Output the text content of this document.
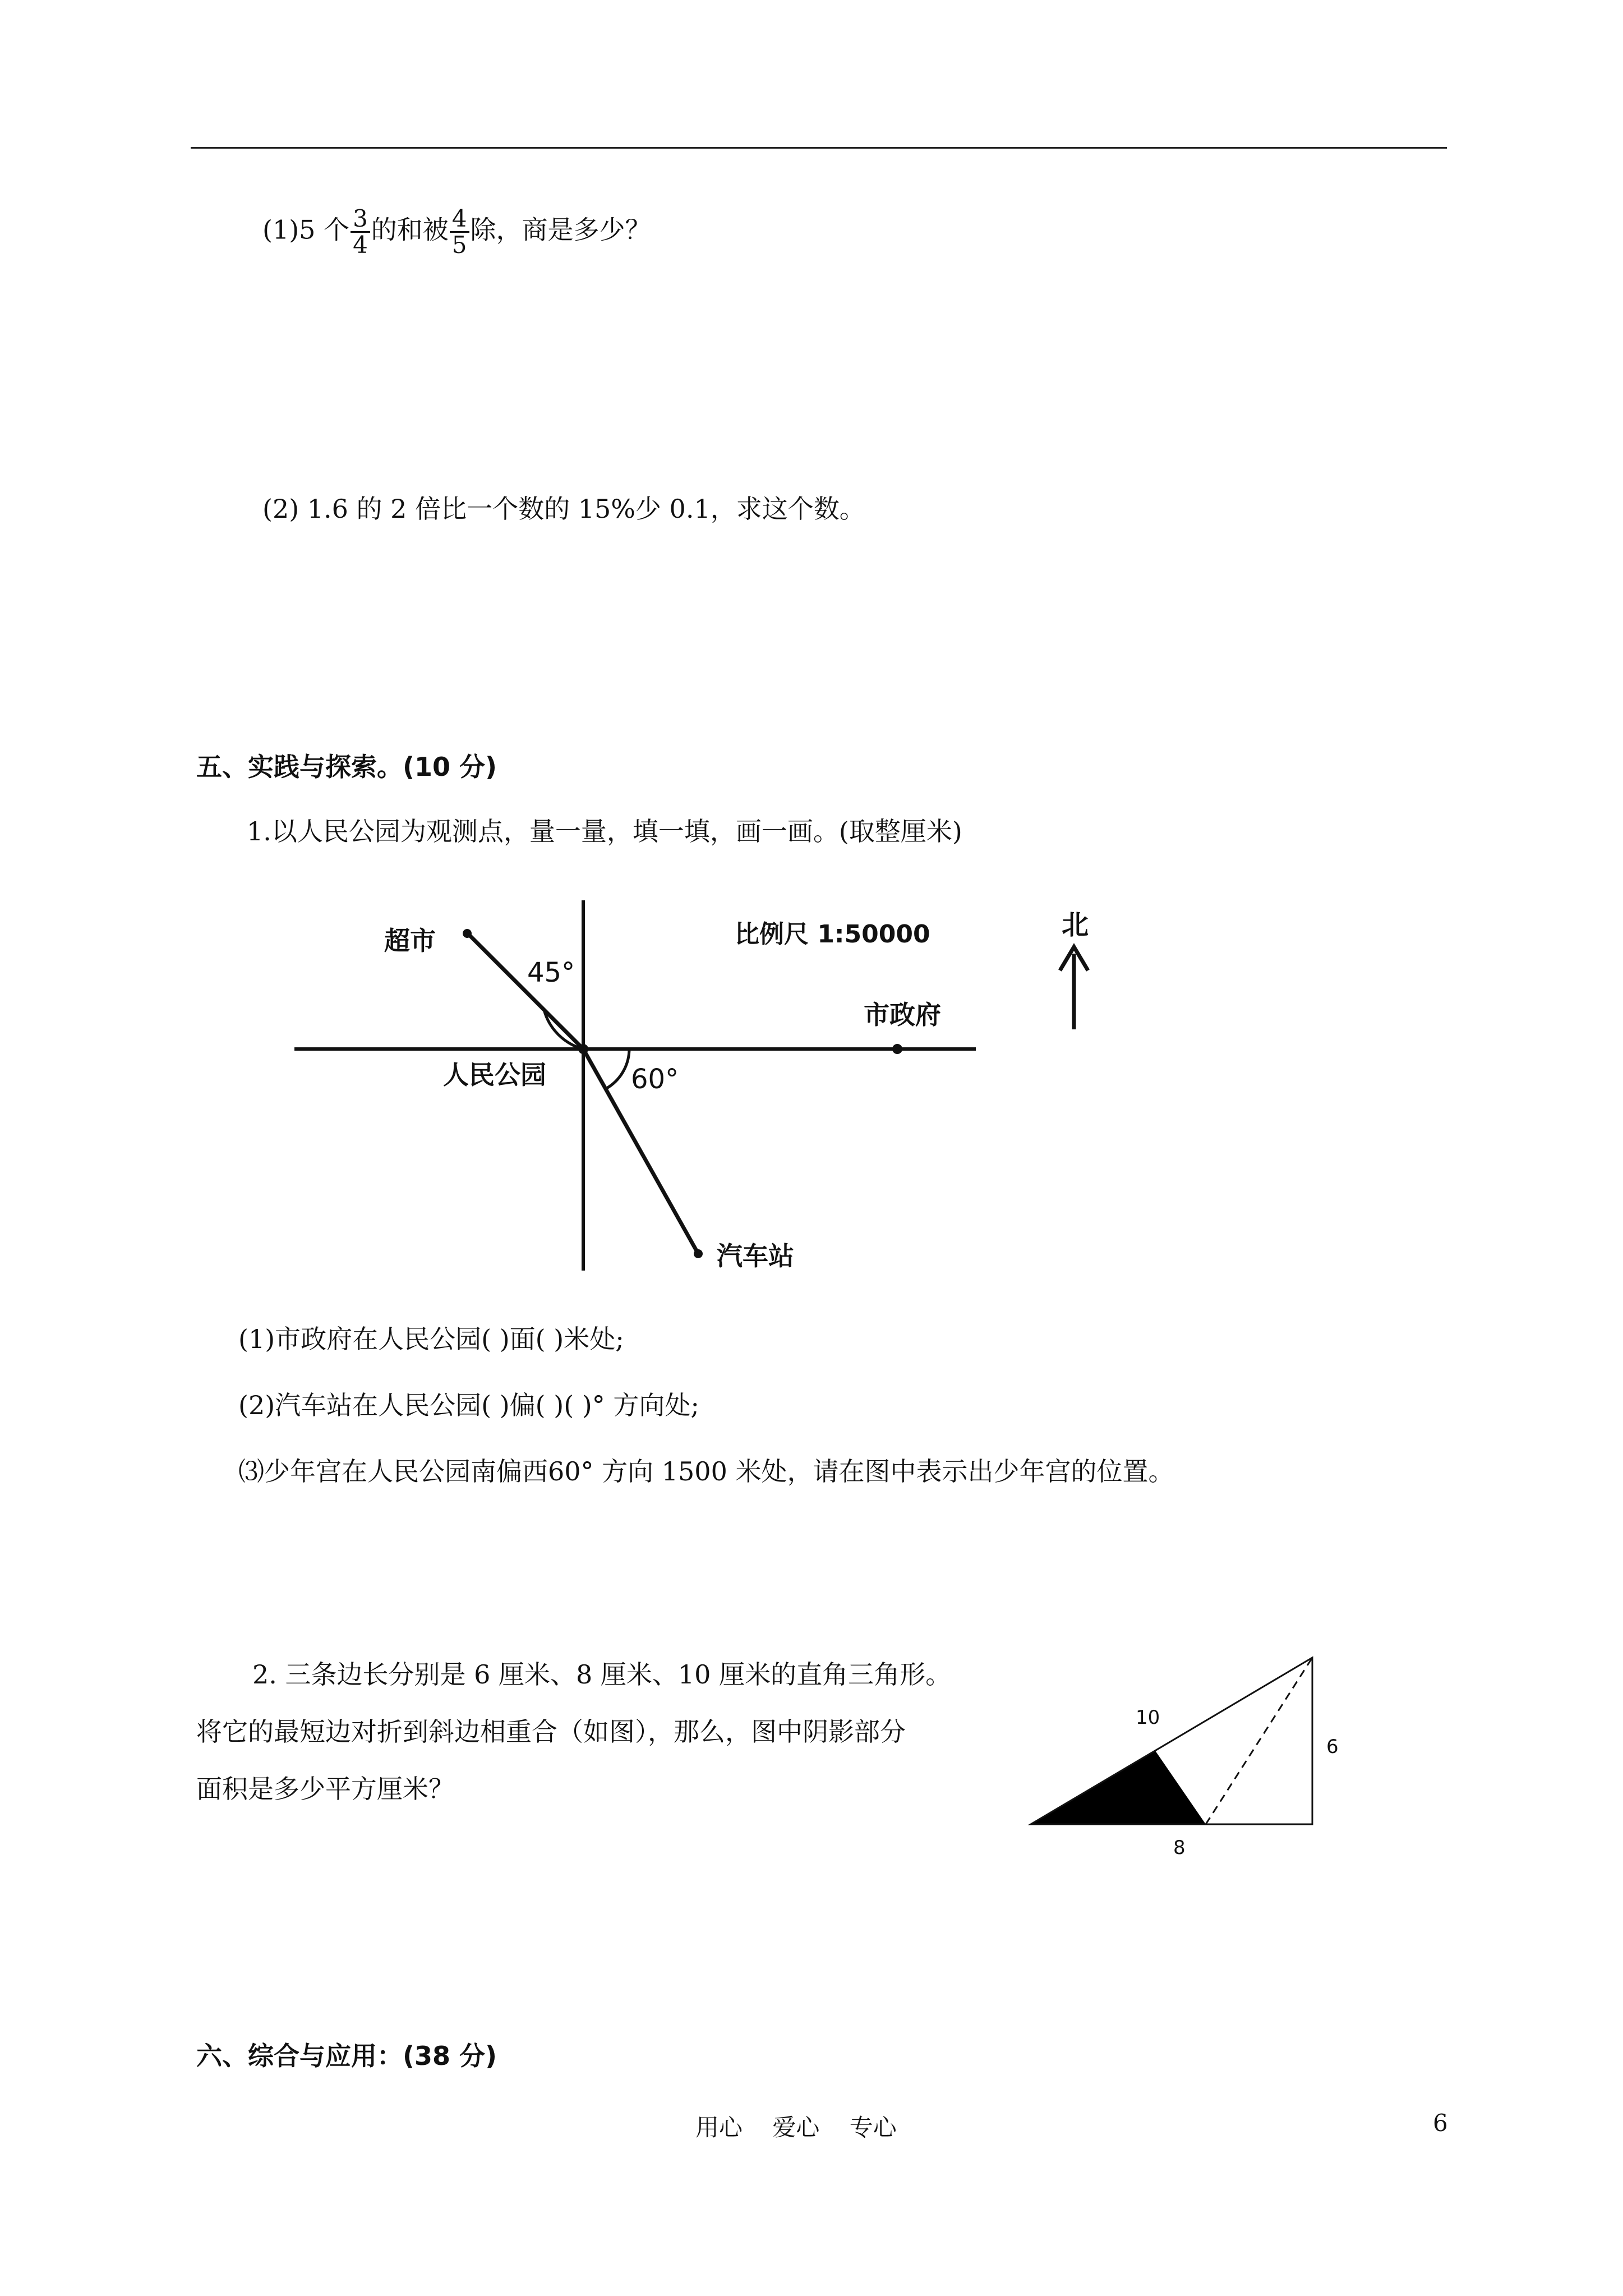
(1)5 个 $\frac{3}{4}$ 的和被 $\frac{4}{5}$ 除，商是多少？
(2) 1.6 的 2 倍比一个数的 15%少 0.1，求这个数。
五、实践与探索。(10 分)
1.以人民公园为观测点，量一量，填一填，画一画。(取整厘米)
超市	比例尺 1:50000	北
45°
市政府
人民公园	60°
汽车站
(1)市政府在人民公园( )面( )米处;
(2)汽车站在人民公园( )偏( )( )° 方向处;
⑶少年宫在人民公园南偏西60° 方向 1500 米处，请在图中表示出少年宫的位置。
2. 三条边长分别是 6 厘米、8 厘米、10 厘米的直角三角形。
将它的最短边对折到斜边相重合（如图），那么，图中阴影部分
面积是多少平方厘米？
10
6
8
六、综合与应用：(38 分)
用心    爱心    专心	6
